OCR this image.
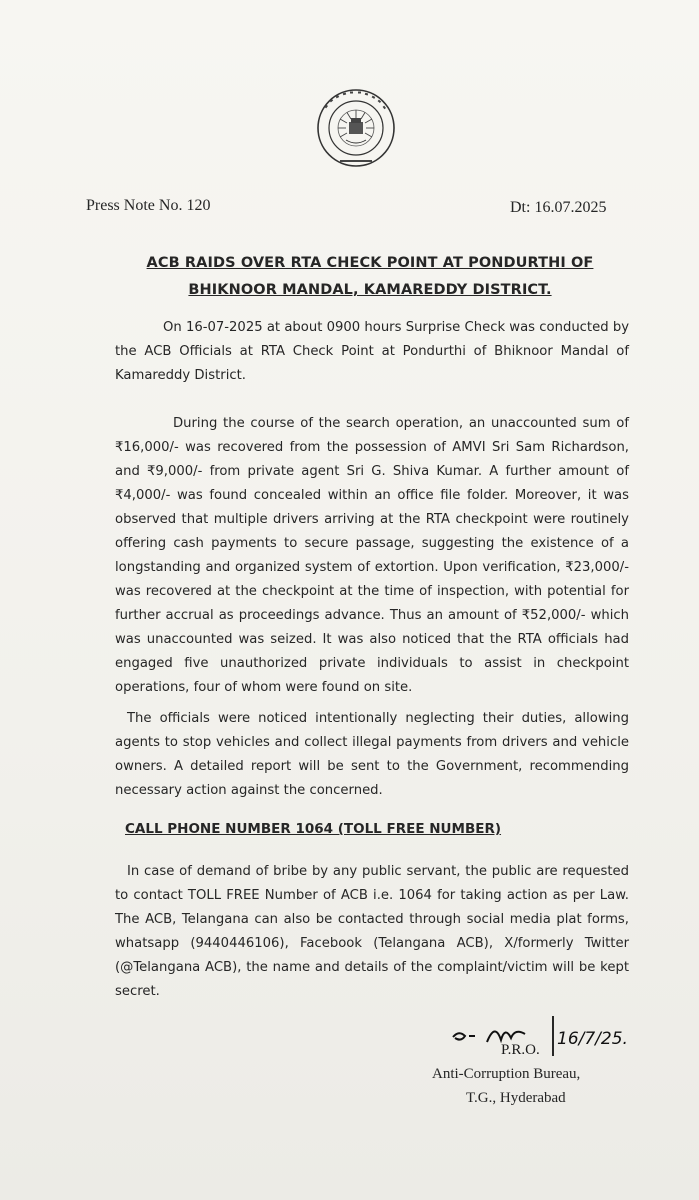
Press Note No. 120	Dt: 16.07.2025
ACB RAIDS OVER RTA CHECK POINT AT PONDURTHI OF BHIKNOOR MANDAL, KAMAREDDY DISTRICT.
On 16-07-2025 at about 0900 hours Surprise Check was conducted by the ACB Officials at RTA Check Point at Pondurthi of Bhiknoor Mandal of Kamareddy District.
During the course of the search operation, an unaccounted sum of ₹16,000/- was recovered from the possession of AMVI Sri Sam Richardson, and ₹9,000/- from private agent Sri G. Shiva Kumar. A further amount of ₹4,000/- was found concealed within an office file folder. Moreover, it was observed that multiple drivers arriving at the RTA checkpoint were routinely offering cash payments to secure passage, suggesting the existence of a longstanding and organized system of extortion. Upon verification, ₹23,000/- was recovered at the checkpoint at the time of inspection, with potential for further accrual as proceedings advance. Thus an amount of ₹52,000/- which was unaccounted was seized. It was also noticed that the RTA officials had engaged five unauthorized private individuals to assist in checkpoint operations, four of whom were found on site.
The officials were noticed intentionally neglecting their duties, allowing agents to stop vehicles and collect illegal payments from drivers and vehicle owners. A detailed report will be sent to the Government, recommending necessary action against the concerned.
CALL PHONE NUMBER 1064 (TOLL FREE NUMBER)
In case of demand of bribe by any public servant, the public are requested to contact TOLL FREE Number of ACB i.e. 1064 for taking action as per Law. The ACB, Telangana can also be contacted through social media plat forms, whatsapp (9440446106), Facebook (Telangana ACB), X/formerly Twitter (@Telangana ACB), the name and details of the complaint/victim will be kept secret.
P.R.O.
16/7/25.
Anti-Corruption Bureau,
T.G., Hyderabad
